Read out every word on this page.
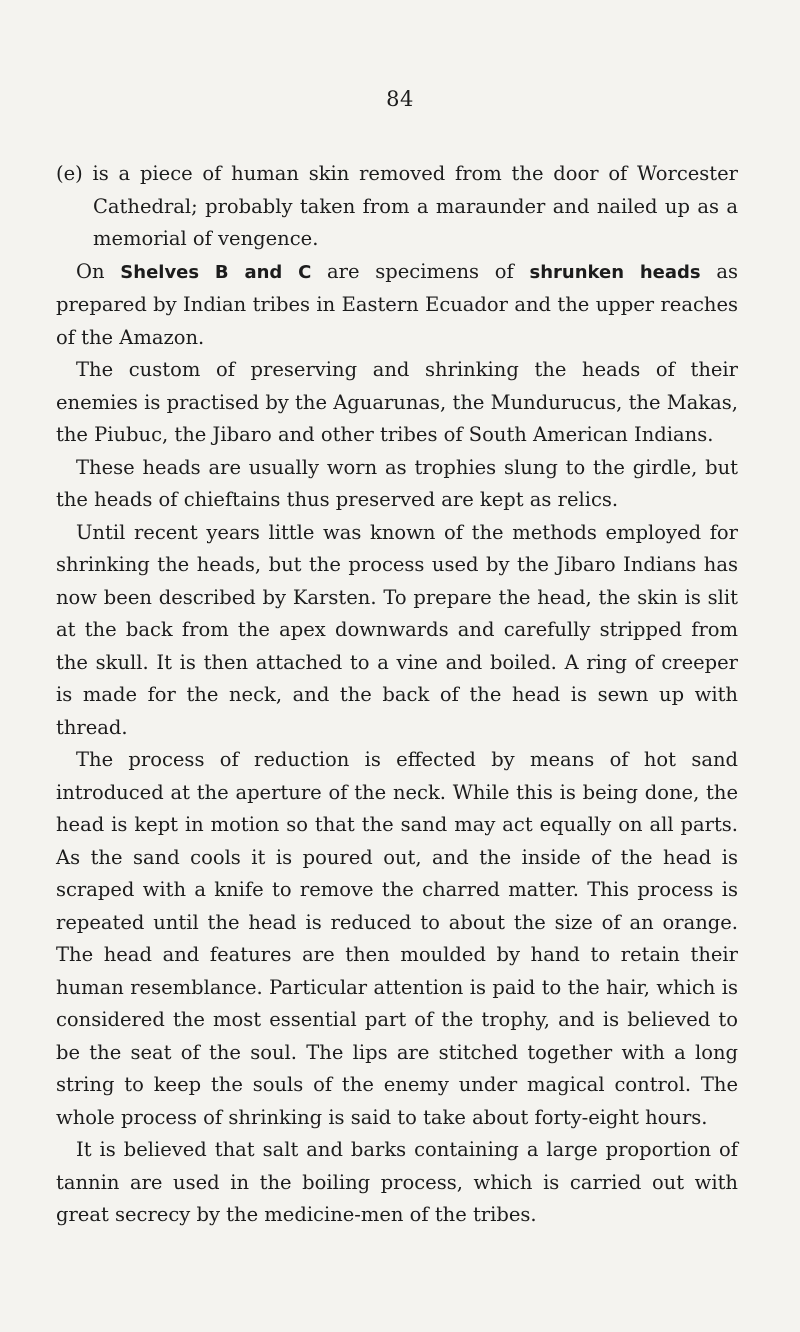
84

(e) is a piece of human skin removed from the door of Worcester Cathedral; probably taken from a maraunder and nailed up as a memorial of vengence.

On Shelves B and C are specimens of shrunken heads as prepared by Indian tribes in Eastern Ecuador and the upper reaches of the Amazon.

The custom of preserving and shrinking the heads of their enemies is practised by the Aguarunas, the Mundurucus, the Makas, the Piubuc, the Jibaro and other tribes of South American Indians.

These heads are usually worn as trophies slung to the girdle, but the heads of chieftains thus preserved are kept as relics.

Until recent years little was known of the methods employed for shrinking the heads, but the process used by the Jibaro Indians has now been described by Karsten. To prepare the head, the skin is slit at the back from the apex downwards and carefully stripped from the skull. It is then attached to a vine and boiled. A ring of creeper is made for the neck, and the back of the head is sewn up with thread.

The process of reduction is effected by means of hot sand introduced at the aperture of the neck. While this is being done, the head is kept in motion so that the sand may act equally on all parts. As the sand cools it is poured out, and the inside of the head is scraped with a knife to remove the charred matter. This process is repeated until the head is reduced to about the size of an orange. The head and features are then moulded by hand to retain their human resemblance. Particular attention is paid to the hair, which is considered the most essential part of the trophy, and is believed to be the seat of the soul. The lips are stitched together with a long string to keep the souls of the enemy under magical control. The whole process of shrinking is said to take about forty-eight hours.

It is believed that salt and barks containing a large proportion of tannin are used in the boiling process, which is carried out with great secrecy by the medicine-men of the tribes.
